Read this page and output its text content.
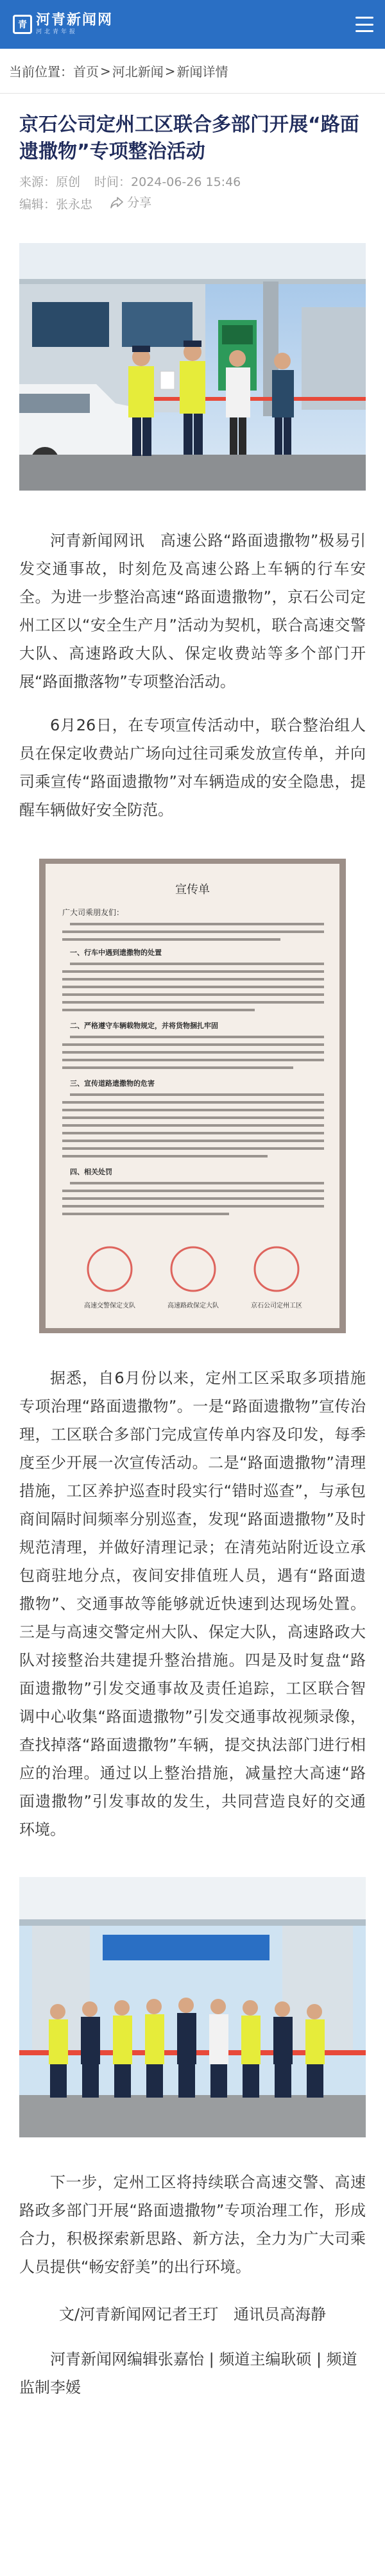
青 河青新闻网
河北青年报
当前位置： 首页 > 河北新闻 > 新闻详情
京石公司定州工区联合多部门开展“路面遗撒物”专项整治活动
来源：原创 时间：2024-06-26 15:46
编辑：张永忠	分享

河青新闻网讯　高速公路“路面遗撒物”极易引发交通事故，时刻危及高速公路上车辆的行车安全。为进一步整治高速“路面遗撒物”，京石公司定州工区以“安全生产月”活动为契机，联合高速交警大队、高速路政大队、保定收费站等多个部门开展“路面撒落物”专项整治活动。

6月26日，在专项宣传活动中，联合整治组人员在保定收费站广场向过往司乘发放宣传单，并向司乘宣传“路面遗撒物”对车辆造成的安全隐患，提醒车辆做好安全防范。

宣传单
广大司乘朋友们：
一、行车中遇到遗撒物的处置
二、严格遵守车辆载物规定，并将货物捆扎牢固
三、宣传道路遗撒物的危害
四、相关处罚
高速交警保定支队	高速路政保定大队	京石公司定州工区

据悉，自6月份以来，定州工区采取多项措施专项治理“路面遗撒物”。一是“路面遗撒物”宣传治理，工区联合多部门完成宣传单内容及印发，每季度至少开展一次宣传活动。二是“路面遗撒物”清理措施，工区养护巡查时段实行“错时巡查”，与承包商间隔时间频率分别巡查，发现“路面遗撒物”及时规范清理，并做好清理记录；在清苑站附近设立承包商驻地分点，夜间安排值班人员，遇有“路面遗撒物”、交通事故等能够就近快速到达现场处置。三是与高速交警定州大队、保定大队，高速路政大队对接整治共建提升整治措施。四是及时复盘“路面遗撒物”引发交通事故及责任追踪，工区联合智调中心收集“路面遗撒物”引发交通事故视频录像，查找掉落“路面遗撒物”车辆，提交执法部门进行相应的治理。通过以上整治措施，减量控大高速“路面遗撒物”引发事故的发生，共同营造良好的交通环境。

下一步，定州工区将持续联合高速交警、高速路政多部门开展“路面遗撒物”专项治理工作，形成合力，积极探索新思路、新方法，全力为广大司乘人员提供“畅安舒美”的出行环境。

文/河青新闻网记者王玎　通讯员高海静

河青新闻网编辑张嘉怡 | 频道主编耿硕 | 频道监制李媛
